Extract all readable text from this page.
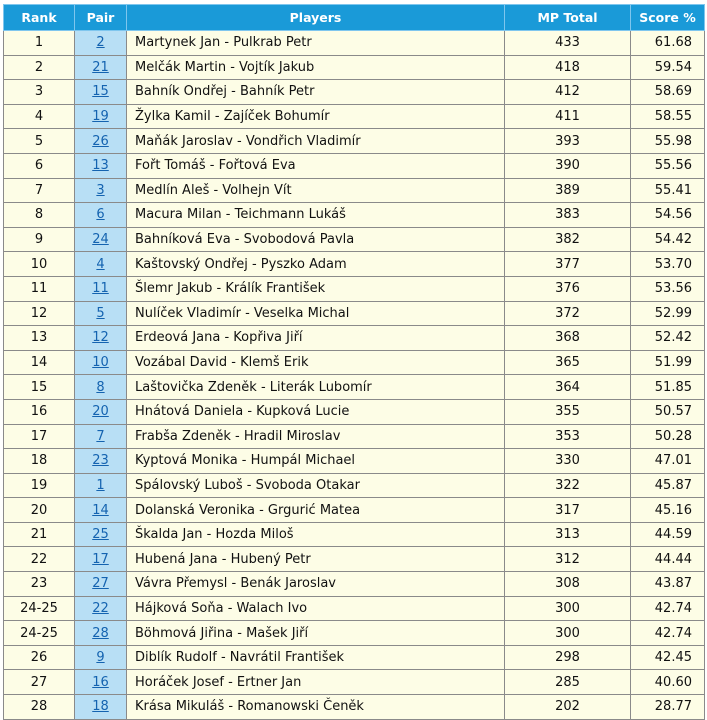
Rank	Pair	Players	MP Total	Score %
1	2	Martynek Jan - Pulkrab Petr	433	61.68
2	21	Melčák Martin - Vojtík Jakub	418	59.54
3	15	Bahník Ondřej - Bahník Petr	412	58.69
4	19	Žylka Kamil - Zajíček Bohumír	411	58.55
5	26	Maňák Jaroslav - Vondřich Vladimír	393	55.98
6	13	Fořt Tomáš - Fořtová Eva	390	55.56
7	3	Medlín Aleš - Volhejn Vít	389	55.41
8	6	Macura Milan - Teichmann Lukáš	383	54.56
9	24	Bahníková Eva - Svobodová Pavla	382	54.42
10	4	Kaštovský Ondřej - Pyszko Adam	377	53.70
11	11	Šlemr Jakub - Králík František	376	53.56
12	5	Nulíček Vladimír - Veselka Michal	372	52.99
13	12	Erdeová Jana - Kopřiva Jiří	368	52.42
14	10	Vozábal David - Klemš Erik	365	51.99
15	8	Laštovička Zdeněk - Literák Lubomír	364	51.85
16	20	Hnátová Daniela - Kupková Lucie	355	50.57
17	7	Frabša Zdeněk - Hradil Miroslav	353	50.28
18	23	Kyptová Monika - Humpál Michael	330	47.01
19	1	Spálovský Luboš - Svoboda Otakar	322	45.87
20	14	Dolanská Veronika - Grgurić Matea	317	45.16
21	25	Škalda Jan - Hozda Miloš	313	44.59
22	17	Hubená Jana - Hubený Petr	312	44.44
23	27	Vávra Přemysl - Benák Jaroslav	308	43.87
24-25	22	Hájková Soňa - Walach Ivo	300	42.74
24-25	28	Böhmová Jiřina - Mašek Jiří	300	42.74
26	9	Diblík Rudolf - Navrátil František	298	42.45
27	16	Horáček Josef - Ertner Jan	285	40.60
28	18	Krása Mikuláš - Romanowski Čeněk	202	28.77
